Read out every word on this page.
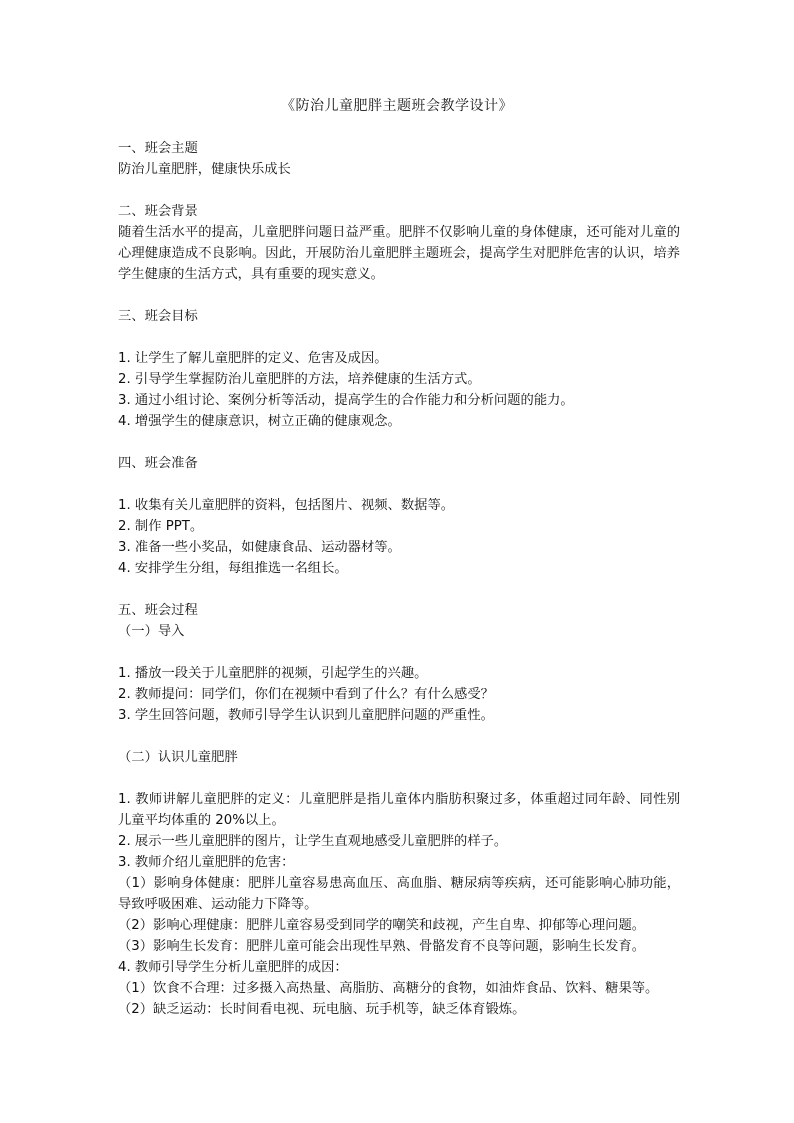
《防治儿童肥胖主题班会教学设计》

一、班会主题

防治儿童肥胖，健康快乐成长

二、班会背景

随着生活水平的提高，儿童肥胖问题日益严重。肥胖不仅影响儿童的身体健康，还可能对儿童的心理健康造成不良影响。因此，开展防治儿童肥胖主题班会，提高学生对肥胖危害的认识，培养学生健康的生活方式，具有重要的现实意义。

三、班会目标

1. 让学生了解儿童肥胖的定义、危害及成因。

2. 引导学生掌握防治儿童肥胖的方法，培养健康的生活方式。

3. 通过小组讨论、案例分析等活动，提高学生的合作能力和分析问题的能力。

4. 增强学生的健康意识，树立正确的健康观念。

四、班会准备

1. 收集有关儿童肥胖的资料，包括图片、视频、数据等。

2. 制作 PPT。

3. 准备一些小奖品，如健康食品、运动器材等。

4. 安排学生分组，每组推选一名组长。

五、班会过程

（一）导入

1. 播放一段关于儿童肥胖的视频，引起学生的兴趣。

2. 教师提问：同学们，你们在视频中看到了什么？有什么感受？

3. 学生回答问题，教师引导学生认识到儿童肥胖问题的严重性。

（二）认识儿童肥胖

1. 教师讲解儿童肥胖的定义：儿童肥胖是指儿童体内脂肪积聚过多，体重超过同年龄、同性别儿童平均体重的 20%以上。

2. 展示一些儿童肥胖的图片，让学生直观地感受儿童肥胖的样子。

3. 教师介绍儿童肥胖的危害：

（1）影响身体健康：肥胖儿童容易患高血压、高血脂、糖尿病等疾病，还可能影响心肺功能，导致呼吸困难、运动能力下降等。

（2）影响心理健康：肥胖儿童容易受到同学的嘲笑和歧视，产生自卑、抑郁等心理问题。

（3）影响生长发育：肥胖儿童可能会出现性早熟、骨骼发育不良等问题，影响生长发育。

4. 教师引导学生分析儿童肥胖的成因：

（1）饮食不合理：过多摄入高热量、高脂肪、高糖分的食物，如油炸食品、饮料、糖果等。

（2）缺乏运动：长时间看电视、玩电脑、玩手机等，缺乏体育锻炼。
